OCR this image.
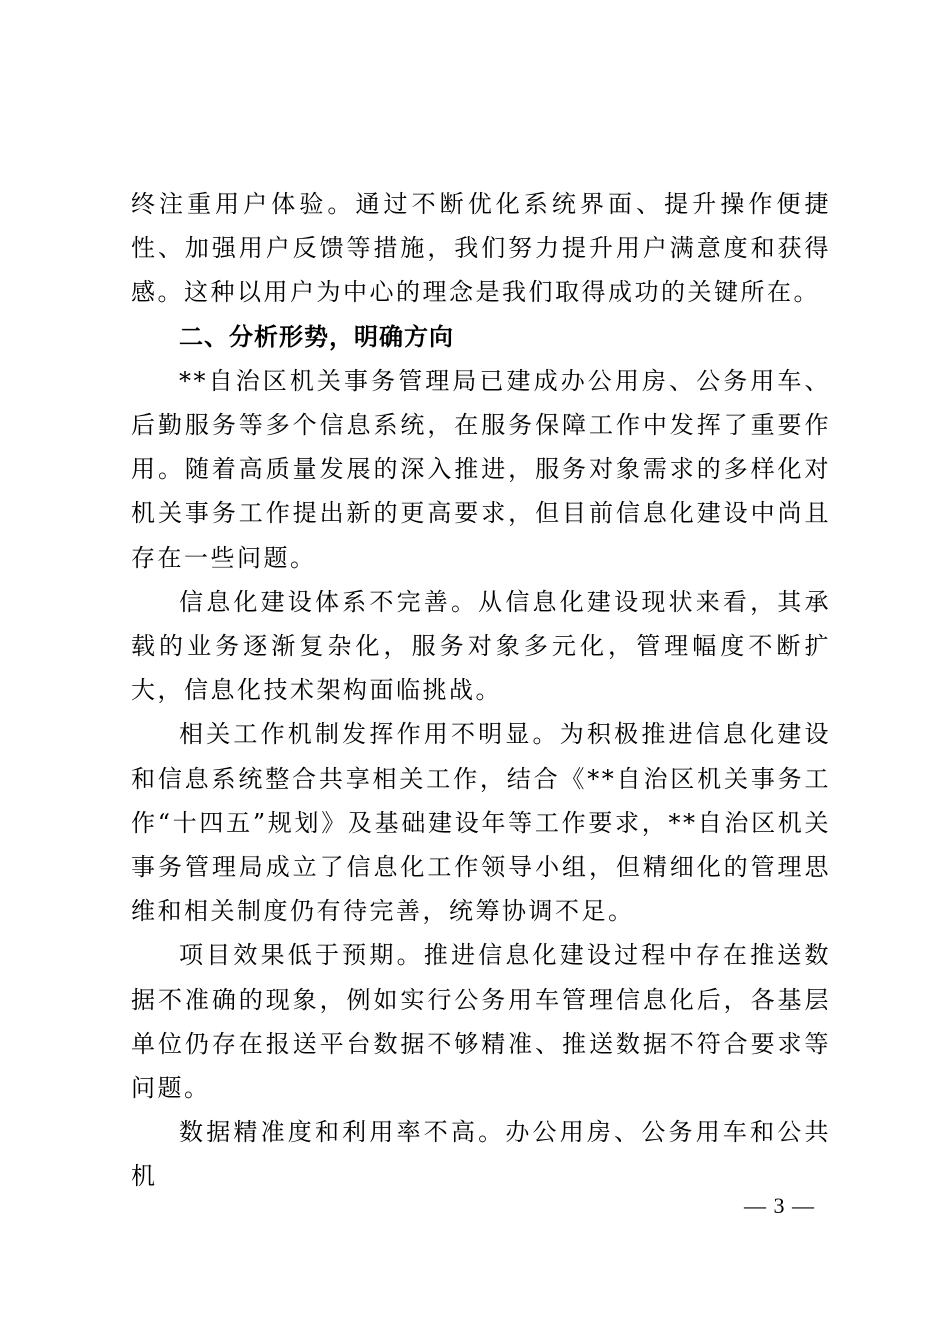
终注重用户体验。通过不断优化系统界面、提升操作便捷性、加强用户反馈等措施，我们努力提升用户满意度和获得感。这种以用户为中心的理念是我们取得成功的关键所在。

二、分析形势，明确方向

**自治区机关事务管理局已建成办公用房、公务用车、后勤服务等多个信息系统，在服务保障工作中发挥了重要作用。随着高质量发展的深入推进，服务对象需求的多样化对机关事务工作提出新的更高要求，但目前信息化建设中尚且存在一些问题。

信息化建设体系不完善。从信息化建设现状来看，其承载的业务逐渐复杂化，服务对象多元化，管理幅度不断扩大，信息化技术架构面临挑战。

相关工作机制发挥作用不明显。为积极推进信息化建设和信息系统整合共享相关工作，结合《**自治区机关事务工作“十四五”规划》及基础建设年等工作要求，**自治区机关事务管理局成立了信息化工作领导小组，但精细化的管理思维和相关制度仍有待完善，统筹协调不足。

项目效果低于预期。推进信息化建设过程中存在推送数据不准确的现象，例如实行公务用车管理信息化后，各基层单位仍存在报送平台数据不够精准、推送数据不符合要求等问题。

数据精准度和利用率不高。办公用房、公务用车和公共机

— 3 —
